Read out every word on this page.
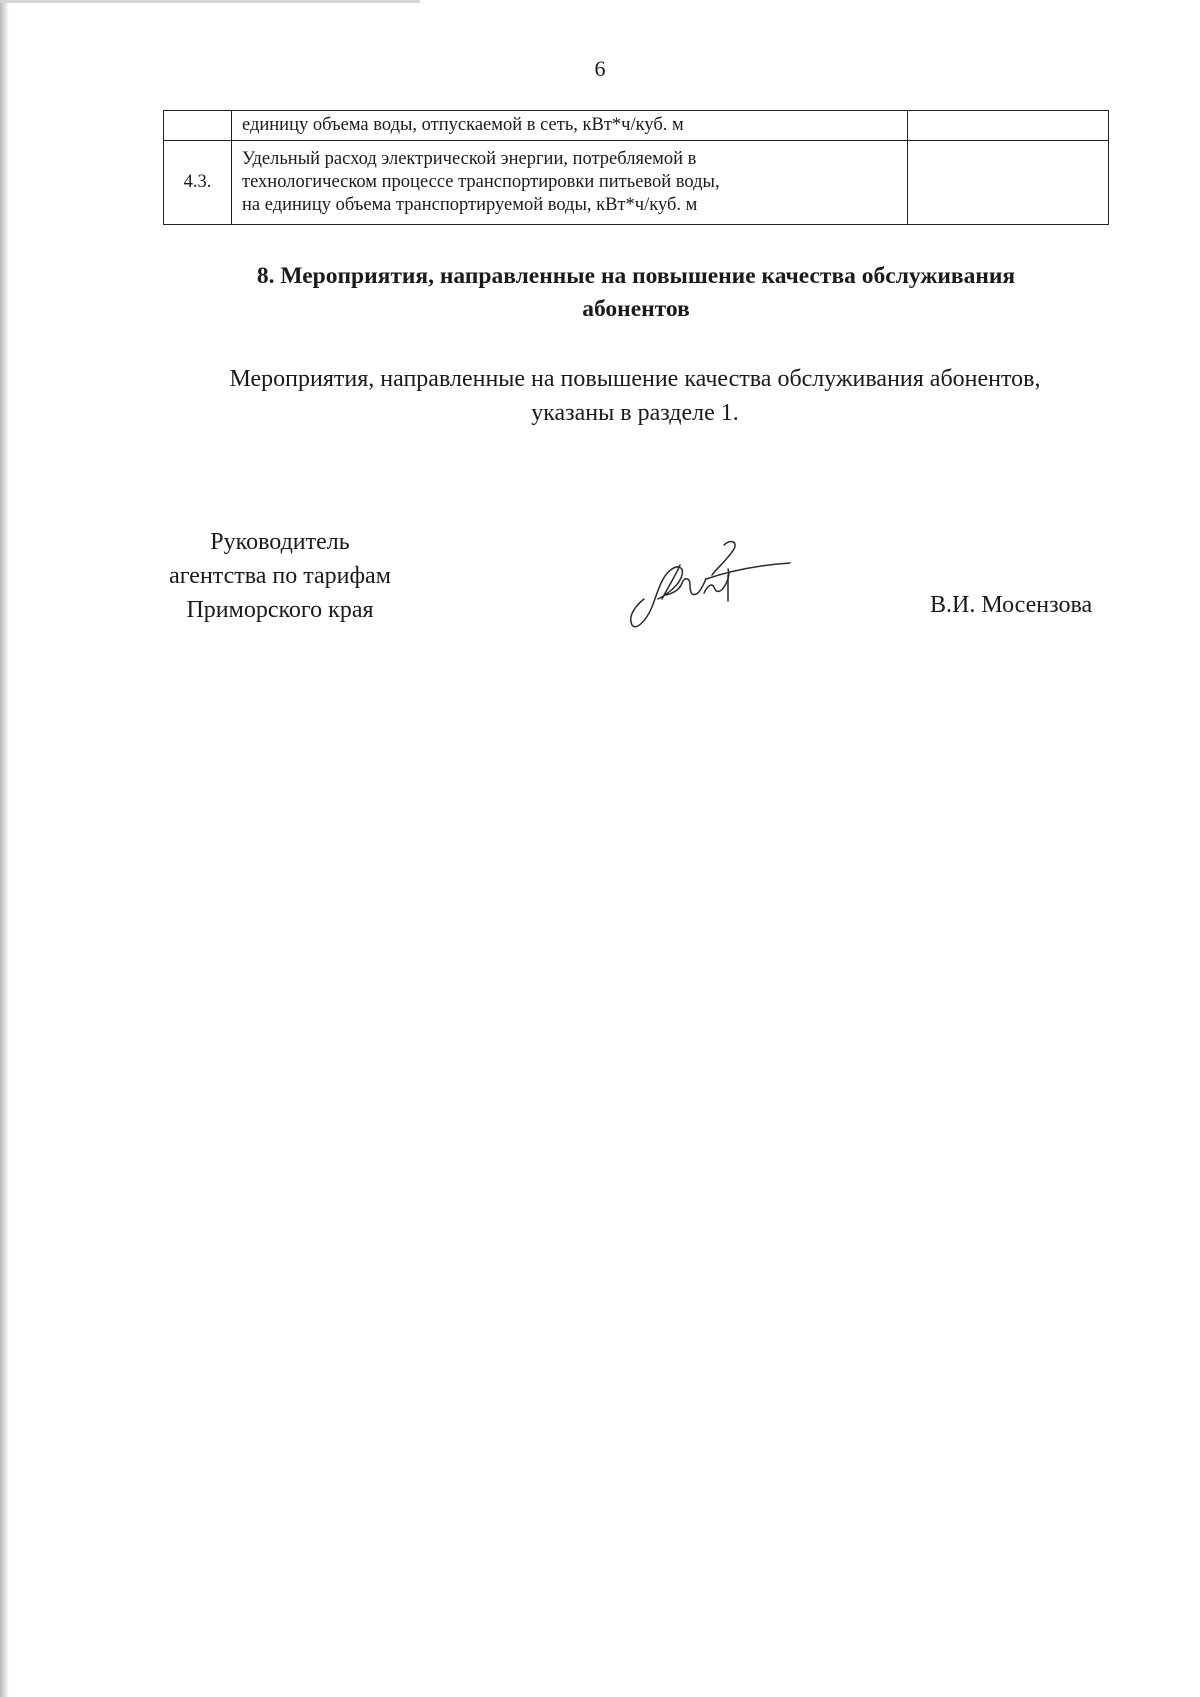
6
	единицу объема воды, отпускаемой в сеть, кВт*ч/куб. м	
4.3.	Удельный расход электрической энергии, потребляемой в
технологическом процессе транспортировки питьевой воды,
на единицу объема транспортируемой воды, кВт*ч/куб. м	

8. Мероприятия, направленные на повышение качества обслуживания
абонентов
Мероприятия, направленные на повышение качества обслуживания абонентов,
указаны в разделе 1.
Руководитель
агентства по тарифам
Приморского края	В.И. Мосензова
